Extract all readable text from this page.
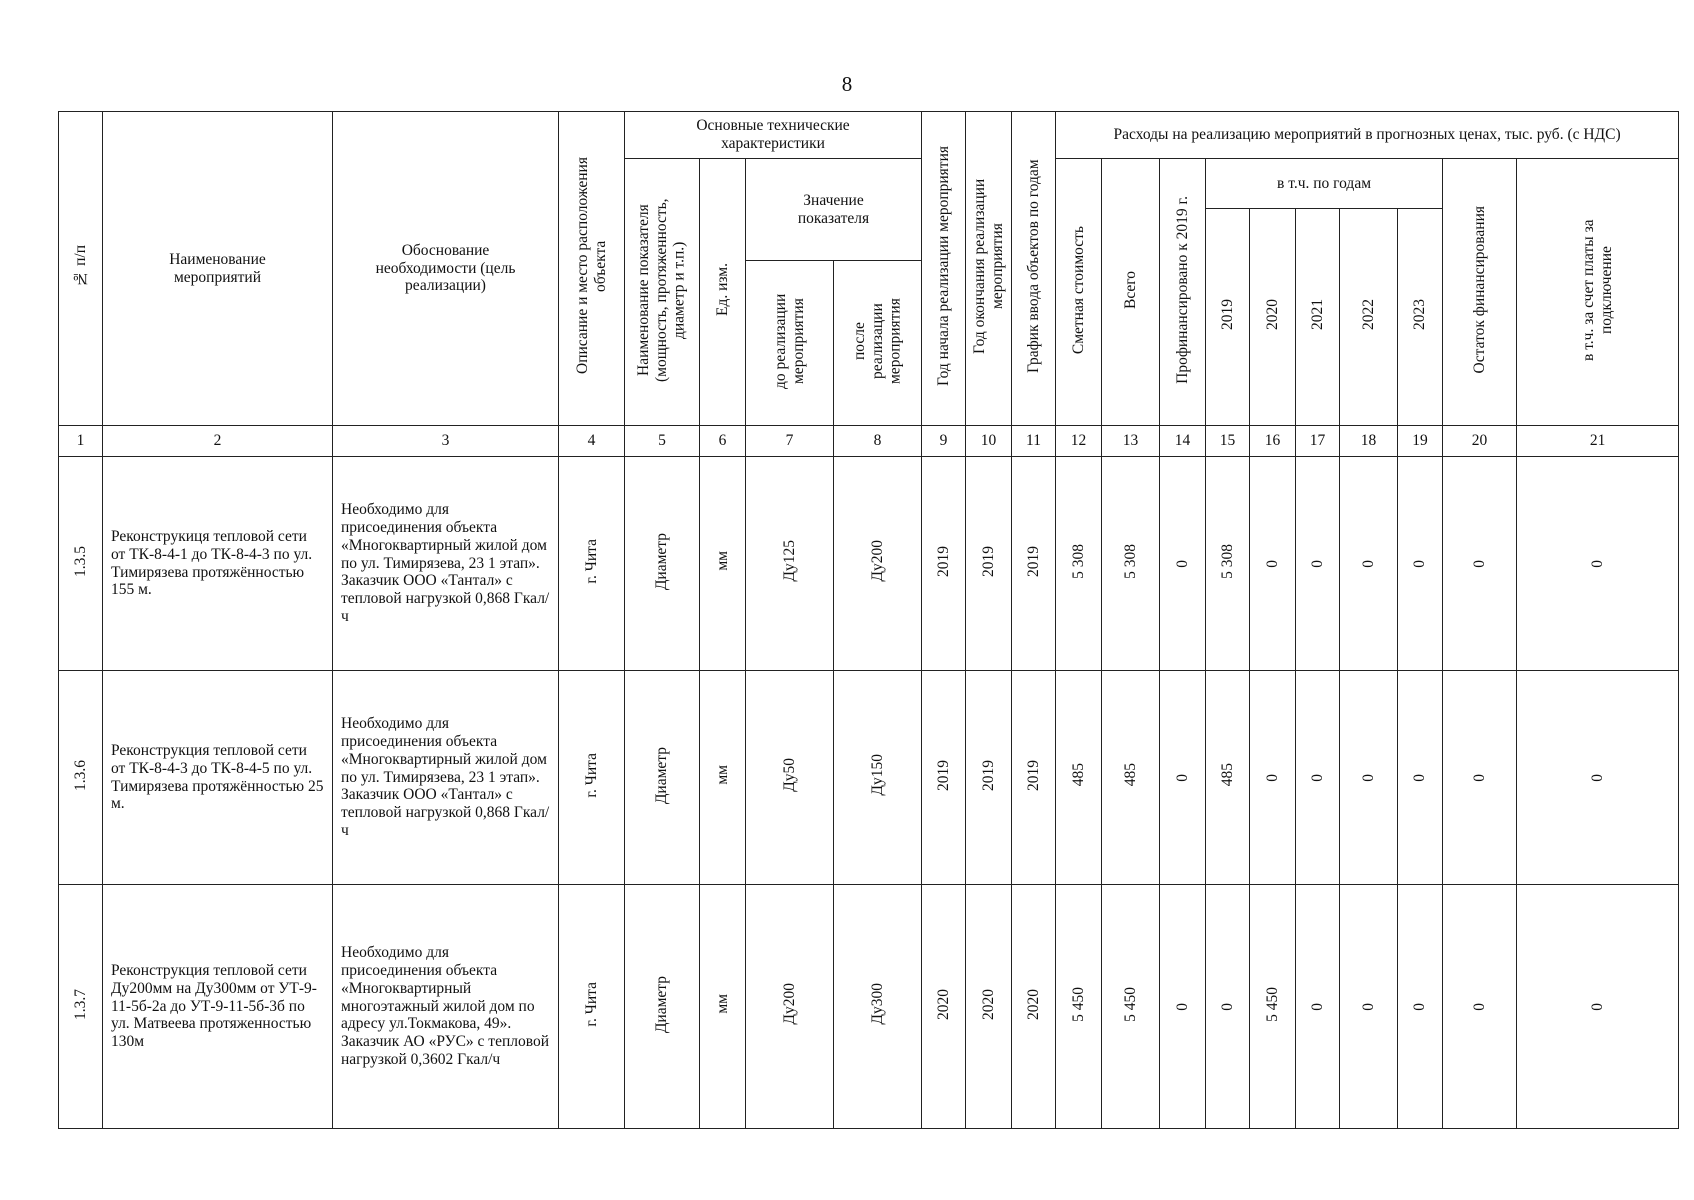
8
№ п/п	Наименование мероприятий	Обоснование необходимости (цель реализации)	Описание и место расположения объекта	Основные технические характеристики				Год начала реализации мероприятия	Год окончания реализации мероприятия	График ввода объектов по годам	Расходы на реализацию мероприятий в прогнозных ценах, тыс. руб. (с НДС)									

				Наименование показателя (мощность, протяженность, диаметр и т.п.)	Ед. изм.	Значение показателя					Сметная стоимость	Всего	Профинансировано к 2019 г.	в т.ч. по годам					Остаток финансирования	в т.ч. за счет платы за подключение
														2019	2020	2021	2022	2023		
						до реализации мероприятия	после реализации мероприятия													
1	2	3	4	5	6	7	8	9	10	11	12	13	14	15	16	17	18	19	20	21
1.3.5	Реконструкиця тепловой сети от ТК-8-4-1 до ТК-8-4-3 по ул. Тимирязева протяжённостью 155 м.	Необходимо для присоединения объекта «Многоквартирный жилой дом по ул. Тимирязева, 23 1 этап». Заказчик ООО «Тантал» с тепловой нагрузкой 0,868 Гкал/ч	г. Чита	Диаметр	мм	Ду125	Ду200	2019	2019	2019	5 308	5 308	0	5 308	0	0	0	0	0	0
1.3.6	Реконструкция тепловой сети от ТК-8-4-3 до ТК-8-4-5 по ул. Тимирязева протяжённостью 25 м.	Необходимо для присоединения объекта «Многоквартирный жилой дом по ул. Тимирязева, 23 1 этап». Заказчик ООО «Тантал» с тепловой нагрузкой 0,868 Гкал/ч	г. Чита	Диаметр	мм	Ду50	Ду150	2019	2019	2019	485	485	0	485	0	0	0	0	0	0
1.3.7	Реконструкция тепловой сети Ду200мм на Ду300мм от УТ-9-11-5б-2а до УТ-9-11-5б-3б по ул. Матвеева протяженностью 130м	Необходимо для присоединения объекта «Многоквартирный многоэтажный жилой дом по адресу ул.Токмакова, 49». Заказчик АО «РУС» с тепловой нагрузкой 0,3602 Гкал/ч	г. Чита	Диаметр	мм	Ду200	Ду300	2020	2020	2020	5 450	5 450	0	0	5 450	0	0	0	0	0
